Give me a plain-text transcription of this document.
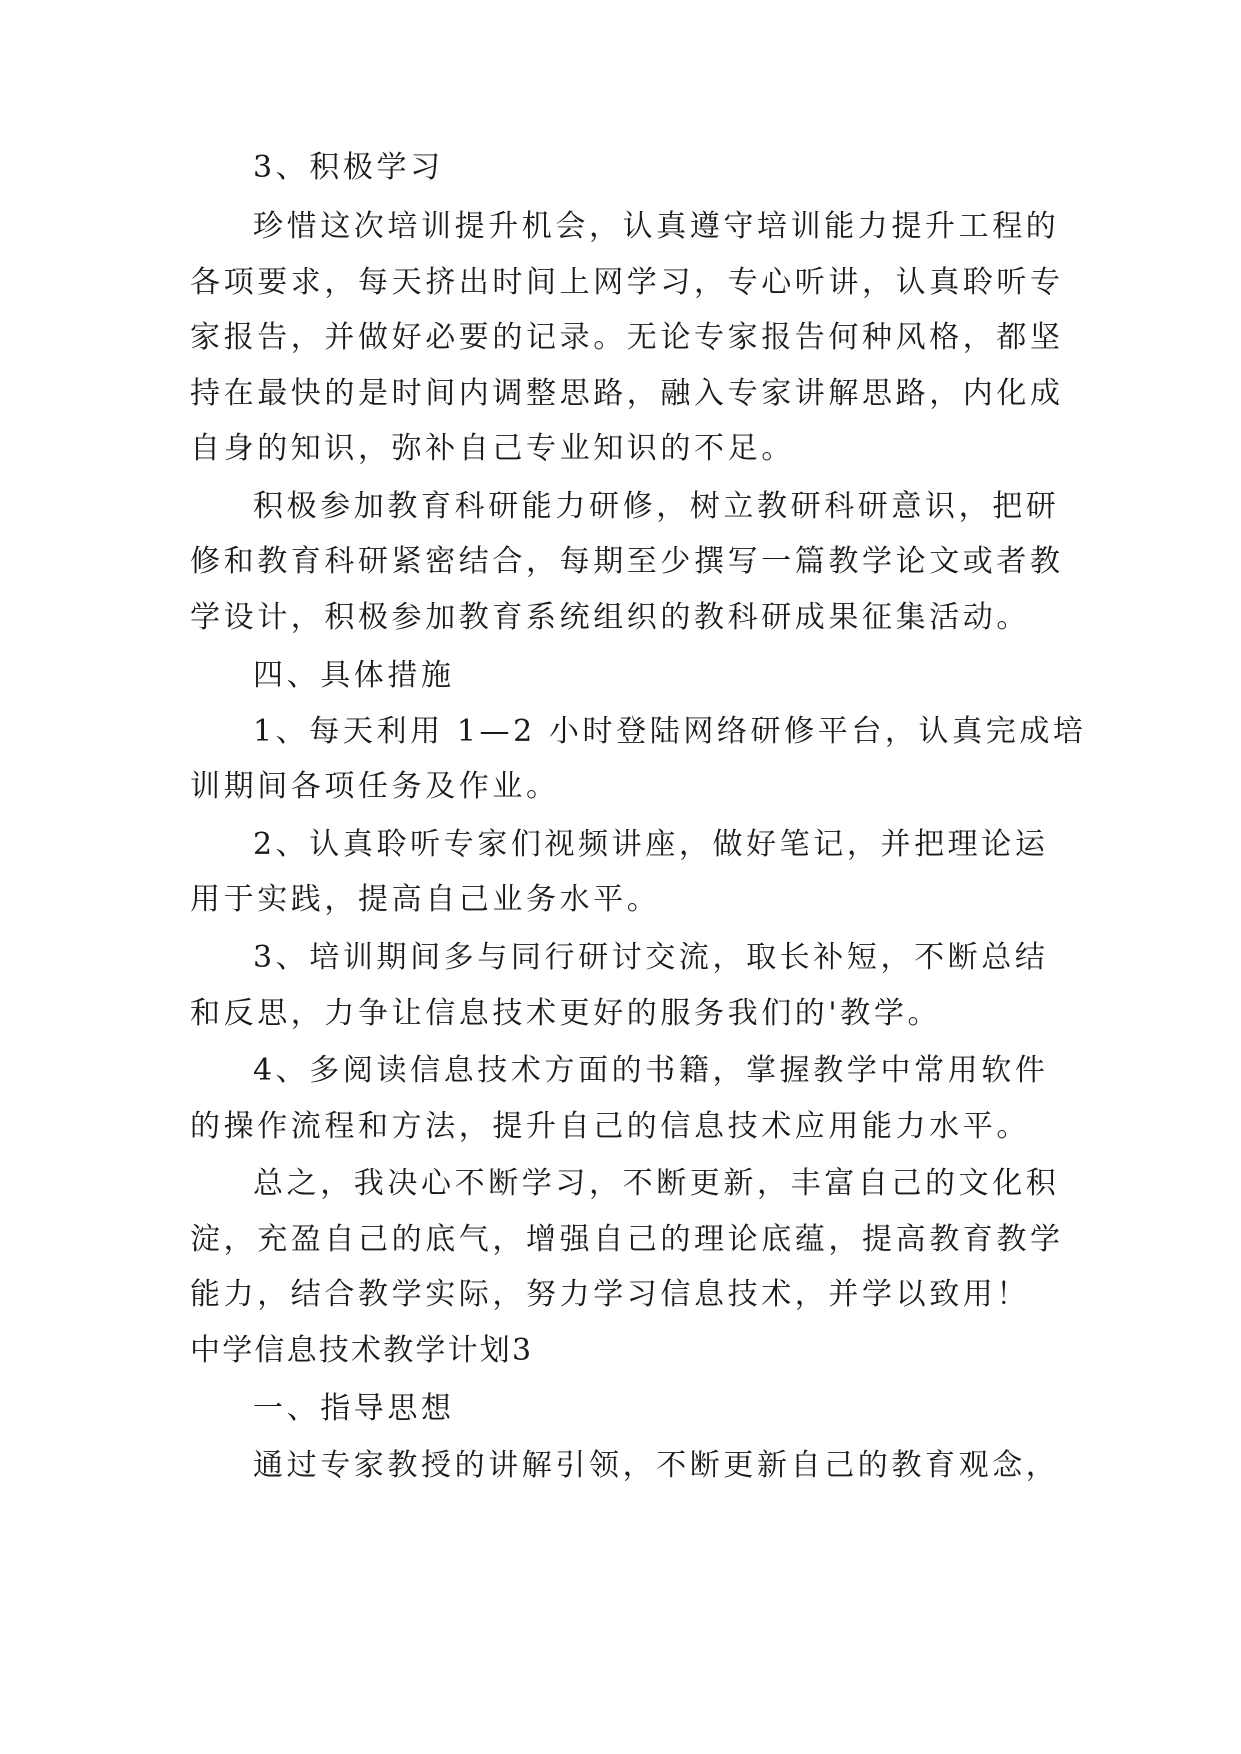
3、积极学习
珍惜这次培训提升机会，认真遵守培训能力提升工程的
各项要求，每天挤出时间上网学习，专心听讲，认真聆听专
家报告，并做好必要的记录。无论专家报告何种风格，都坚
持在最快的是时间内调整思路，融入专家讲解思路，内化成
自身的知识，弥补自己专业知识的不足。
积极参加教育科研能力研修，树立教研科研意识，把研
修和教育科研紧密结合，每期至少撰写一篇教学论文或者教
学设计，积极参加教育系统组织的教科研成果征集活动。
四、具体措施
1、每天利用 1—2 小时登陆网络研修平台，认真完成培
训期间各项任务及作业。
2、认真聆听专家们视频讲座，做好笔记，并把理论运
用于实践，提高自己业务水平。
3、培训期间多与同行研讨交流，取长补短，不断总结
和反思，力争让信息技术更好的服务我们的'教学。
4、多阅读信息技术方面的书籍，掌握教学中常用软件
的操作流程和方法，提升自己的信息技术应用能力水平。
总之，我决心不断学习，不断更新，丰富自己的文化积
淀，充盈自己的底气，增强自己的理论底蕴，提高教育教学
能力，结合教学实际，努力学习信息技术，并学以致用！
中学信息技术教学计划3
一、指导思想
通过专家教授的讲解引领，不断更新自己的教育观念，
